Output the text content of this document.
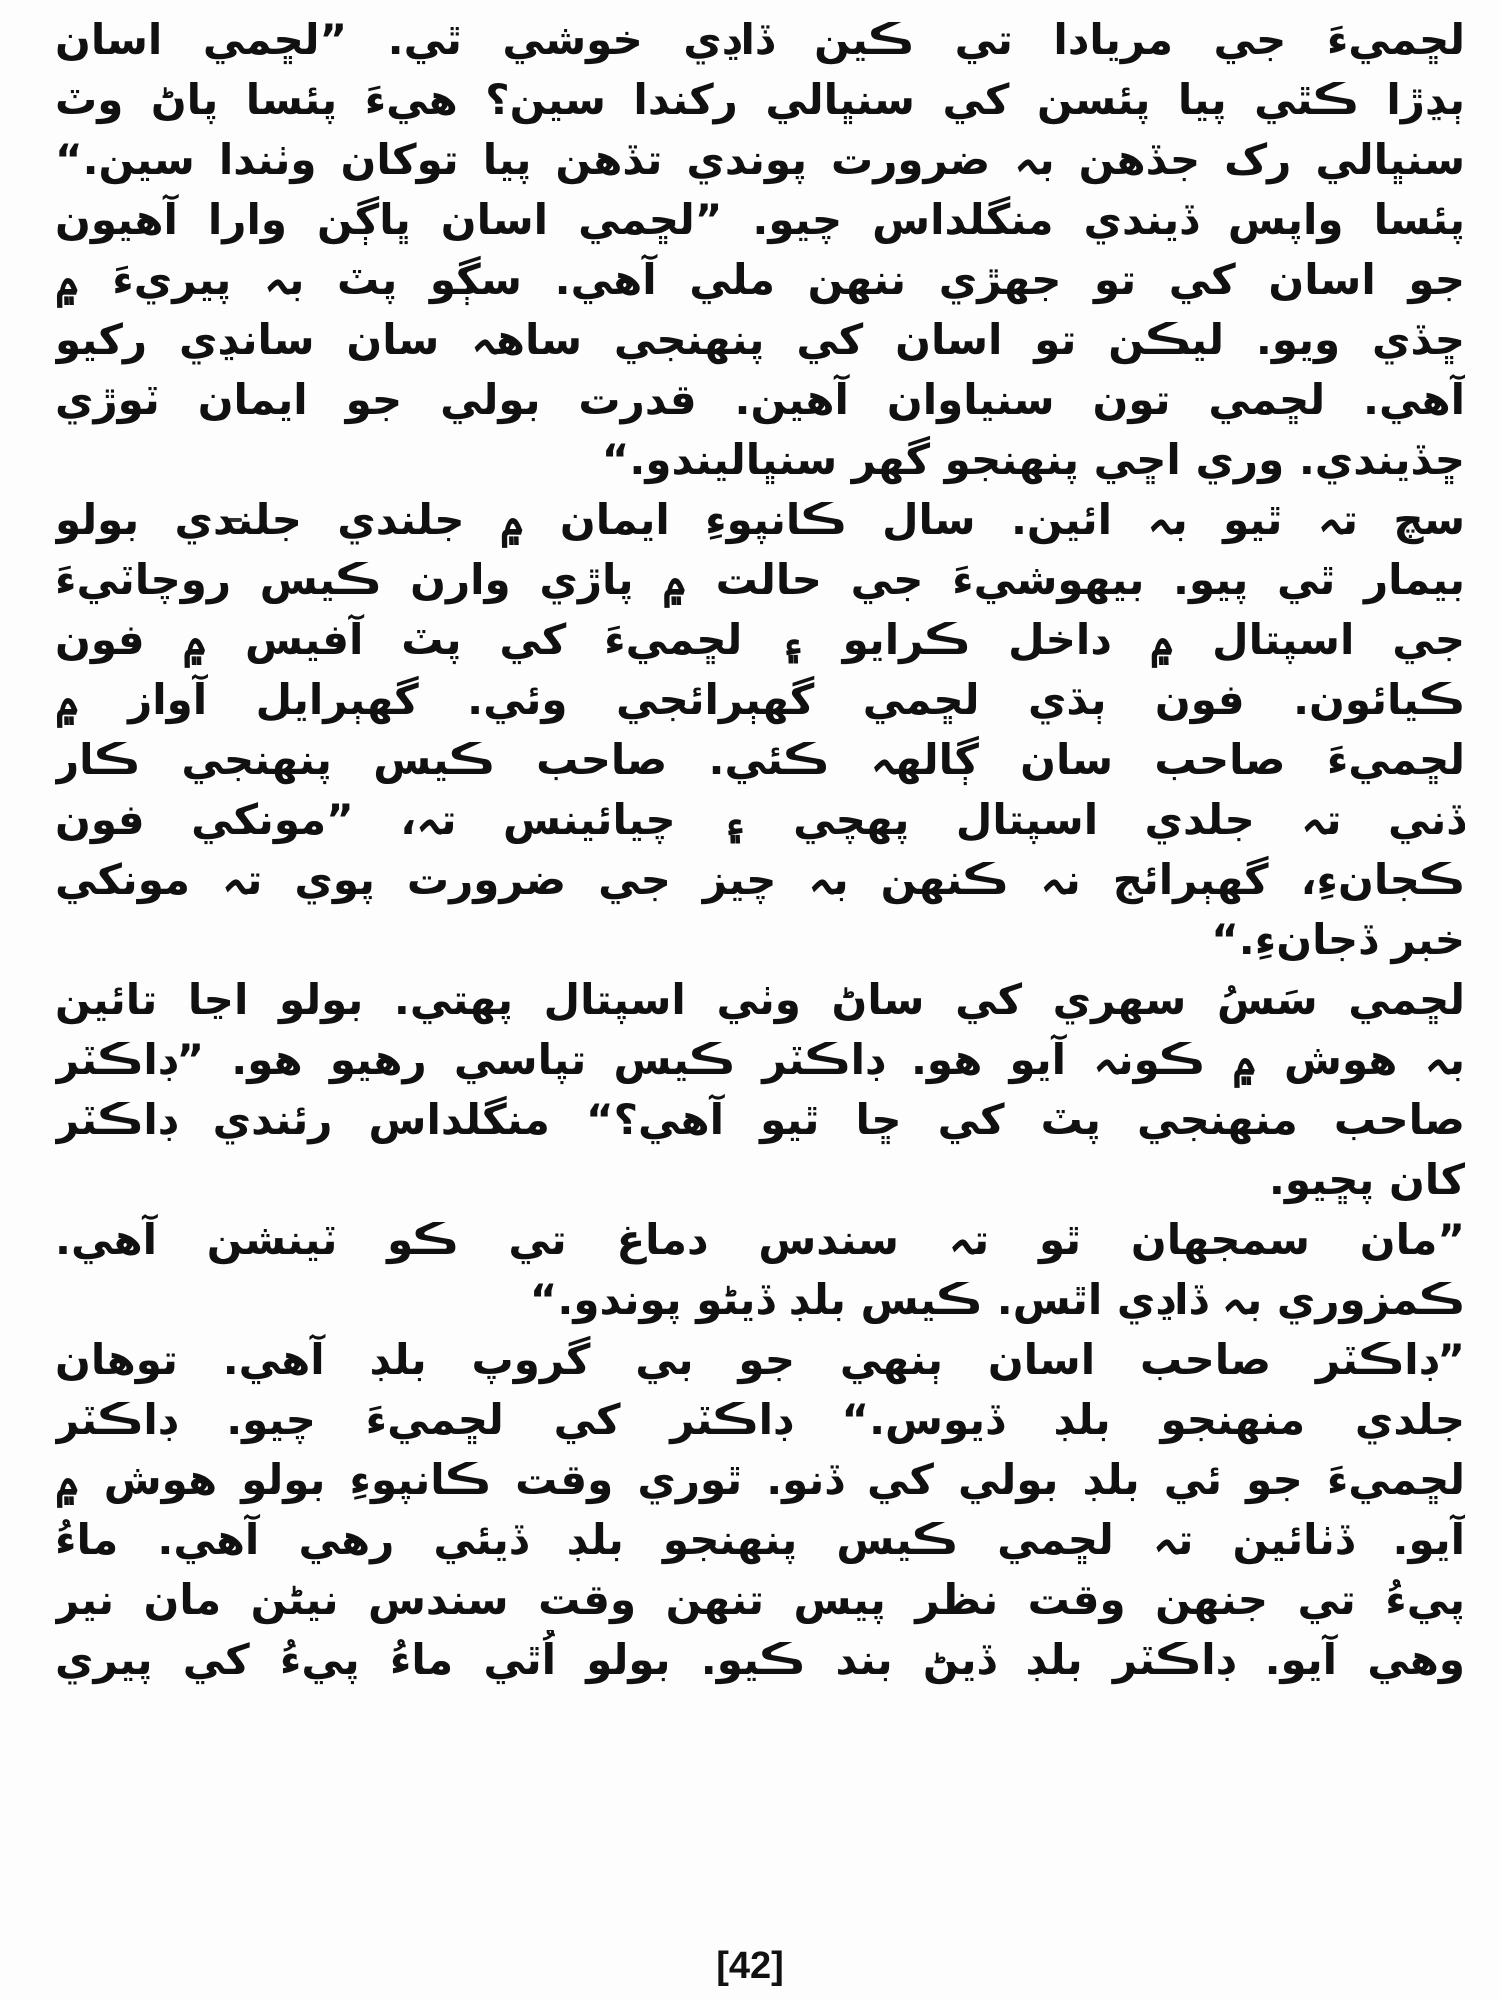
لڇميءَ جي مريادا تي ڪين ڏاڍي خوشي ٿي. ”لڇمي اسان
ٻڍڙا ڪٿي پيا پئسن کي سنڀالي رکندا سين؟ هيءَ پئسا پاڻ وٽ
سنڀالي رک جڏهن بہ ضرورت پوندي تڏهن پيا توکان وٺندا سين.“
پئسا واپس ڏيندي منگلداس چيو. ”لڇمي اسان ڀاڳن وارا آهيون
جو اسان کي تو جهڙي ننهن ملي آهي. سڳو پٽ بہ پيريءَ ۾
ڇڏي ويو. ليڪن تو اسان کي پنهنجي ساهہ سان سانڍي رکيو
آهي. لڇمي تون سنياوان آهين. قدرت بولي جو ايمان ٽوڙي
ڇڏيندي. وري اڇي پنهنجو گهر سنڀاليندو.“
سچ تہ ٿيو بہ ائين. سال ڪانپوءِ ايمان ۾ جلندي جلندي بولو
بيمار ٿي پيو. بيهوشيءَ جي حالت ۾ پاڙي وارن ڪيس روچاٽيءَ
جي اسپتال ۾ داخل ڪرايو ۽ لڇميءَ کي پٽ آفيس ۾ فون
ڪيائون. فون ٻڌي لڇمي گهٻرائجي وئي. گهٻرايل آواز ۾
لڇميءَ صاحب سان ڳالهہ ڪئي. صاحب ڪيس پنهنجي ڪار
ڏني تہ جلدي اسپتال پهچي ۽ چيائينس تہ، ”مونکي فون
ڪجانءِ، گهٻرائج نہ ڪنهن بہ چيز جي ضرورت پوي تہ مونکي
خبر ڏجانءِ.“
لڇمي سَسُ سهري کي ساڻ وٺي اسپتال پهتي. بولو اڃا تائين
بہ هوش ۾ ڪونہ آيو هو. ڊاڪٽر ڪيس تپاسي رهيو هو. ”ڊاڪٽر
صاحب منهنجي پٽ کي ڇا ٿيو آهي؟“ منگلداس رئندي ڊاڪٽر
کان پڇيو.
”مان سمجهان ٿو تہ سندس دماغ تي ڪو ٽينشن آهي.
ڪمزوري بہ ڏاڍي اٿس. ڪيس بلڊ ڏيڻو پوندو.“
”ڊاڪٽر صاحب اسان ٻنهي جو بي گروپ بلڊ آهي. توهان
جلدي منهنجو بلڊ ڏيوس.“ ڊاڪٽر کي لڇميءَ چيو. ڊاڪٽر
لڇميءَ جو ئي بلڊ بولي کي ڏنو. ٿوري وقت ڪانپوءِ بولو هوش ۾
آيو. ڏٺائين تہ لڇمي ڪيس پنهنجو بلڊ ڏيئي رهي آهي. ماءُ
پيءُ تي جنهن وقت نظر پيس تنهن وقت سندس نيڻن مان نير
وهي آيو. ڊاڪٽر بلڊ ڏيڻ بند ڪيو. بولو اُٿي ماءُ پيءُ کي پيري
[42]
